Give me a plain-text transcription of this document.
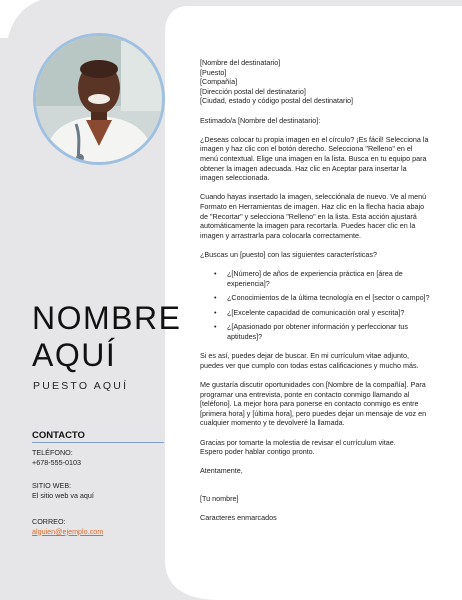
NOMBRE
AQUÍ
PUESTO AQUÍ
CONTACTO
TELÉFONO:
+678-555-0103
SITIO WEB:
El sitio web va aquí
CORREO:
alguien@ejemplo.com

[Nombre del destinatario]
[Puesto]
[Compañía]
[Dirección postal del destinatario]
[Ciudad, estado y código postal del destinatario]

Estimado/a [Nombre del destinatario]:

¿Deseas colocar tu propia imagen en el círculo? ¡Es fácil! Selecciona la imagen y haz clic con el botón derecho. Selecciona "Relleno" en el menú contextual. Elige una imagen en la lista. Busca en tu equipo para obtener la imagen adecuada. Haz clic en Aceptar para insertar la imagen seleccionada.

Cuando hayas insertado la imagen, selecciónala de nuevo. Ve al menú Formato en Herramientas de imagen. Haz clic en la flecha hacia abajo de "Recortar" y selecciona "Relleno" en la lista. Esta acción ajustará automáticamente la imagen para recortarla. Puedes hacer clic en la imagen y arrastrarla para colocarla correctamente.

¿Buscas un [puesto] con las siguientes características?

• ¿[Número] de años de experiencia práctica en [área de experiencia]?
• ¿Conocimientos de la última tecnología en el [sector o campo]?
• ¿[Excelente capacidad de comunicación oral y escrita]?
• ¿[Apasionado por obtener información y perfeccionar tus aptitudes]?

Si es así, puedes dejar de buscar. En mi currículum vitae adjunto, puedes ver que cumplo con todas estas calificaciones y mucho más.

Me gustaría discutir oportunidades con [Nombre de la compañía]. Para programar una entrevista, ponte en contacto conmigo llamando al [teléfono]. La mejor hora para ponerse en contacto conmigo es entre [primera hora] y [última hora], pero puedes dejar un mensaje de voz en cualquier momento y te devolveré la llamada.

Gracias por tomarte la molestia de revisar el currículum vitae.
Espero poder hablar contigo pronto.

Atentamente,

[Tu nombre]

Caracteres enmarcados
